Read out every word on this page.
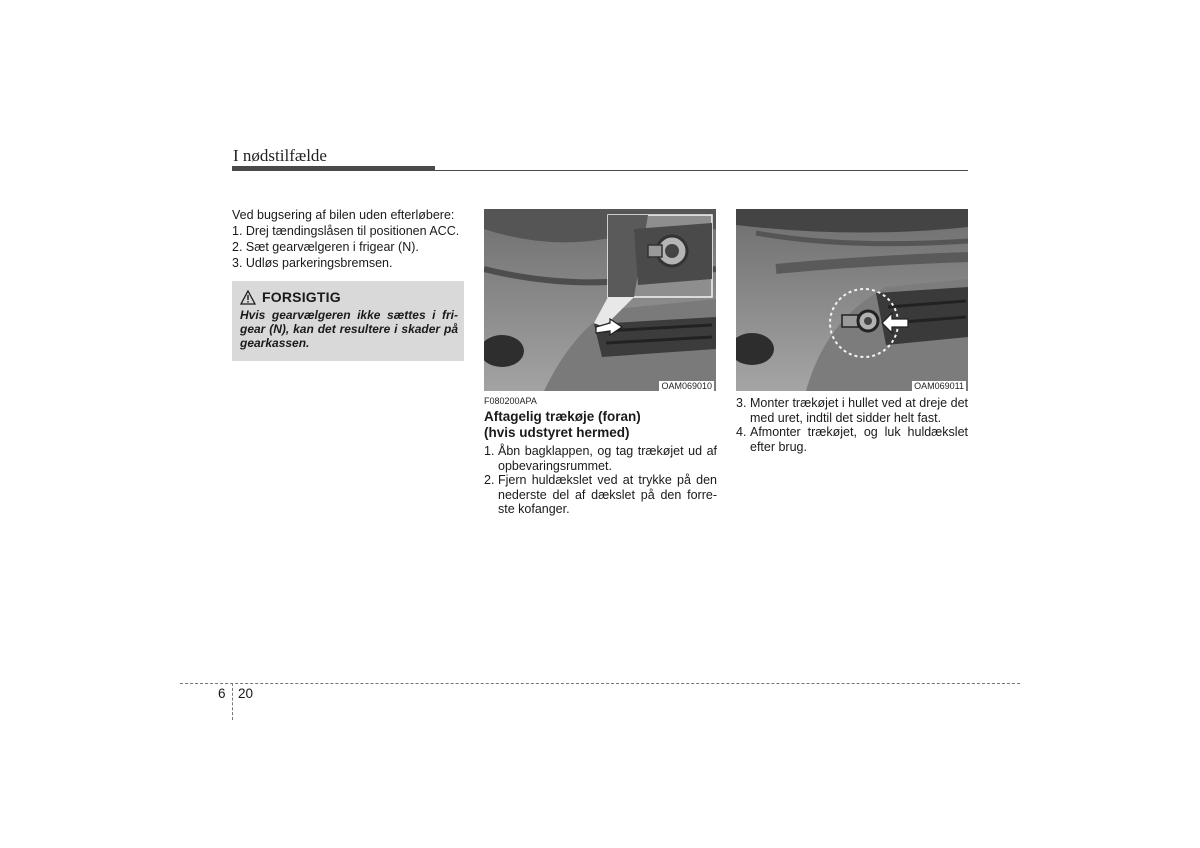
I nødstilfælde

Ved bugsering af bilen uden efterløbere:

1. Drej tændingslåsen til positionen ACC.

2. Sæt gearvælgeren i frigear (N).

3. Udløs parkeringsbremsen.

FORSIGTIG
Hvis gearvælgeren ikke sættes i fri-gear (N), kan det resultere i skader på gearkassen.
OAM069010	OAM069011
F080200APA
Aftagelig trækøje (foran)
(hvis udstyret hermed)
1. Åbn bagklappen, og tag trækøjet ud af opbevaringsrummet.
2. Fjern huldækslet ved at trykke på den nederste del af dækslet på den forre-ste kofanger.
3. Monter trækøjet i hullet ved at dreje det med uret, indtil det sidder helt fast.
4. Afmonter trækøjet, og luk huldækslet efter brug.
6 20
